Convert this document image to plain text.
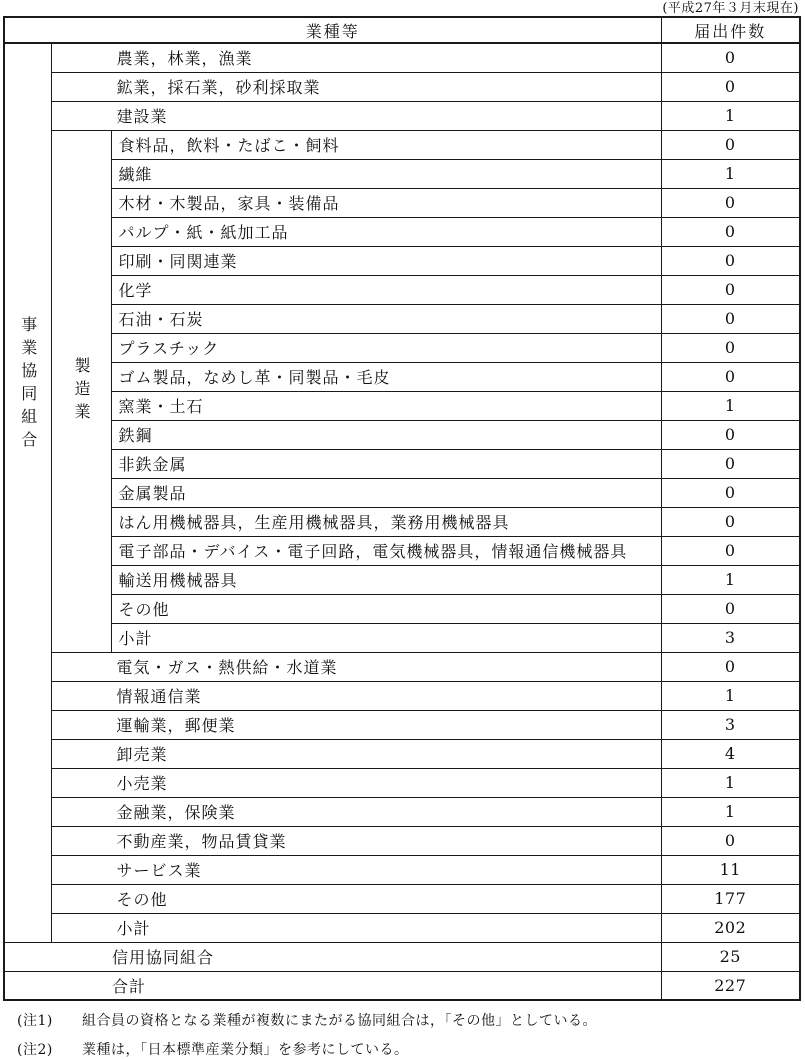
(平成27年３月末現在)
業種等			届出件数

事業協同組合	農業，林業，漁業		0
	鉱業，採石業，砂利採取業		0
	建設業		1

	製造業	食料品，飲料・たばこ・飼料	0
		繊維	1
		木材・木製品，家具・装備品	0
		パルプ・紙・紙加工品	0
		印刷・同関連業	0
		化学	0
		石油・石炭	0
		プラスチック	0
		ゴム製品，なめし革・同製品・毛皮	0
		窯業・土石	1
		鉄鋼	0
		非鉄金属	0
		金属製品	0
		はん用機械器具，生産用機械器具，業務用機械器具	0
		電子部品・デバイス・電子回路，電気機械器具，情報通信機械器具	0
		輸送用機械器具	1
		その他	0
		小計	3
	電気・ガス・熱供給・水道業		0
	情報通信業		1
	運輸業，郵便業		3
	卸売業		4
	小売業		1
	金融業，保険業		1
	不動産業，物品賃貸業		0
	サービス業		11
	その他		177
	小計		202
信用協同組合			25
合計			227
(注1) 組合員の資格となる業種が複数にまたがる協同組合は，「その他」としている。
(注2) 業種は，「日本標準産業分類」を参考にしている。
